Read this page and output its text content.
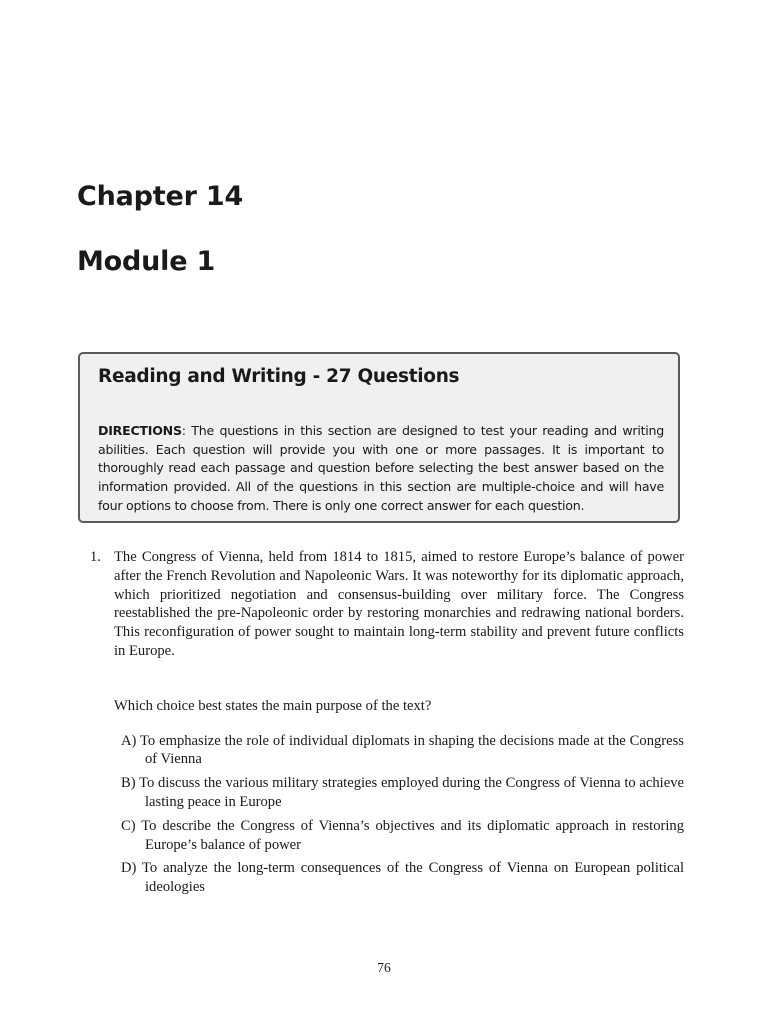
Chapter 14
Module 1
Reading and Writing - 27 Questions

DIRECTIONS: The questions in this section are designed to test your reading and writing abilities. Each question will provide you with one or more passages. It is important to thoroughly read each passage and question before selecting the best answer based on the information provided. All of the questions in this section are multiple-choice and will have four options to choose from. There is only one correct answer for each question.

1. The Congress of Vienna, held from 1814 to 1815, aimed to restore Europe’s balance of power after the French Revolution and Napoleonic Wars. It was noteworthy for its diplomatic approach, which prioritized negotiation and consensus-building over military force. The Congress reestablished the pre-Napoleonic order by restoring monarchies and redrawing national borders. This reconfiguration of power sought to maintain long-term stability and prevent future conflicts in Europe.

Which choice best states the main purpose of the text?

A) To emphasize the role of individual diplomats in shaping the decisions made at the Congress of Vienna
B) To discuss the various military strategies employed during the Congress of Vienna to achieve lasting peace in Europe
C) To describe the Congress of Vienna’s objectives and its diplomatic approach in restoring Europe’s balance of power
D) To analyze the long-term consequences of the Congress of Vienna on European political ideologies
76
